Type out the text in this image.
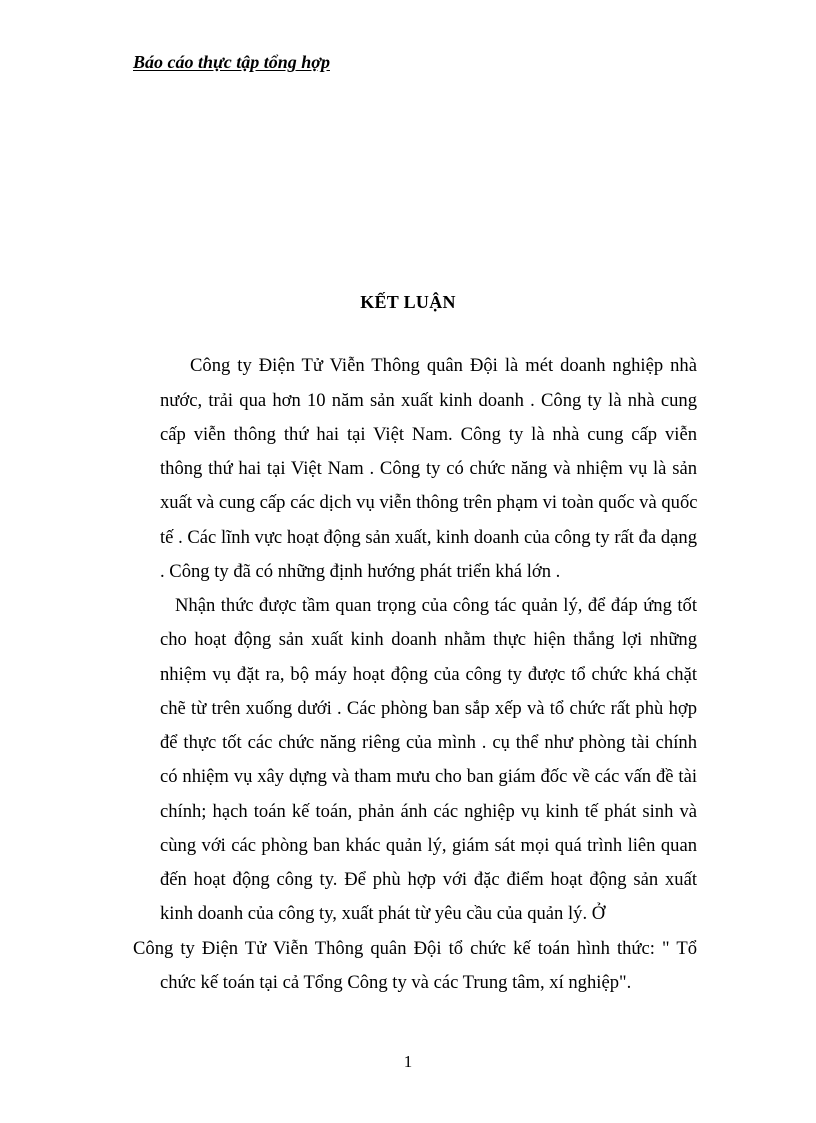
Báo cáo thực tập tổng hợp
KẾT LUẬN
Công ty Điện Tử Viễn Thông quân Đội là mét doanh nghiệp nhà
nước, trải qua hơn 10 năm sản xuất kinh doanh . Công ty là nhà cung
cấp viễn thông thứ hai tại Việt Nam. Công ty là nhà cung cấp viễn
thông thứ hai tại Việt Nam . Công ty có chức năng và nhiệm vụ là sản
xuất và cung cấp các dịch vụ viễn thông trên phạm vi toàn quốc và quốc
tế . Các lĩnh vực hoạt động sản xuất, kinh doanh của công ty rất đa dạng
. Công ty đã có những định hướng phát triển khá lớn .
Nhận thức được tầm quan trọng của công tác quản lý, để đáp ứng tốt
cho hoạt động sản xuất kinh doanh nhằm thực hiện thắng lợi những
nhiệm vụ đặt ra, bộ máy hoạt động của công ty được tổ chức khá chặt
chẽ từ trên xuống dưới . Các phòng ban sắp xếp và tổ chức rất phù hợp
để thực tốt các chức năng riêng của mình . cụ thể như phòng tài chính
có nhiệm vụ xây dựng và tham mưu cho ban giám đốc về các vấn đề tài
chính; hạch toán kế toán, phản ánh các nghiệp vụ kinh tế phát sinh và
cùng với các phòng ban khác quản lý, giám sát mọi quá trình liên quan
đến hoạt động công ty. Để phù hợp với đặc điểm hoạt động sản xuất
kinh doanh của công ty, xuất phát từ yêu cầu của quản lý. Ở
Công ty Điện Tử Viễn Thông quân Đội tổ chức kế toán hình thức: " Tổ
chức kế toán tại cả Tổng Công ty và các Trung tâm, xí nghiệp".
1
